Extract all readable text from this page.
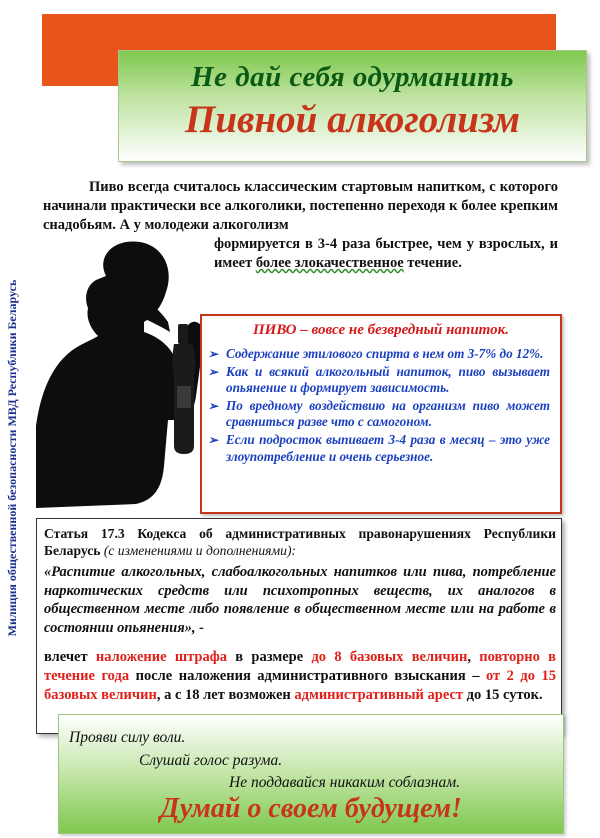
Не дай себя одурманить
Пивной алкоголизм
Милиция общественной безопасности МВД Республики Беларусь

Пиво всегда считалось классическим стартовым напитком, с которого начинали практически все алкоголики, постепенно переходя к более крепким снадобьям. А у молодежи алкоголизм

формируется в 3-4 раза быстрее, чем у взрослых, и имеет более злокачественное течение.
ПИВО – вовсе не безвредный напиток.
➢ Содержание этилового спирта в нем от 3-7% до 12%.
➢ Как и всякий алкогольный напиток, пиво вызывает опьянение и формирует зависимость.
➢ По вредному воздействию на организм пиво может сравниться разве что с самогоном.
➢ Если подросток выпивает 3-4 раза в месяц – это уже злоупотребление и очень серьезное.
Статья 17.3 Кодекса об административных правонарушениях Республики Беларусь (с изменениями и дополнениями):
«Распитие алкогольных, слабоалкогольных напитков или пива, потребление наркотических средств или психотропных веществ, их аналогов в общественном месте либо появление в общественном месте или на работе в состоянии опьянения», -
влечет наложение штрафа в размере до 8 базовых величин, повторно в течение года после наложения административного взыскания – от 2 до 15 базовых величин, а с 18 лет возможен административный арест до 15 суток.
Прояви силу воли.
Слушай голос разума.
Не поддавайся никаким соблазнам.
Думай о своем будущем!
